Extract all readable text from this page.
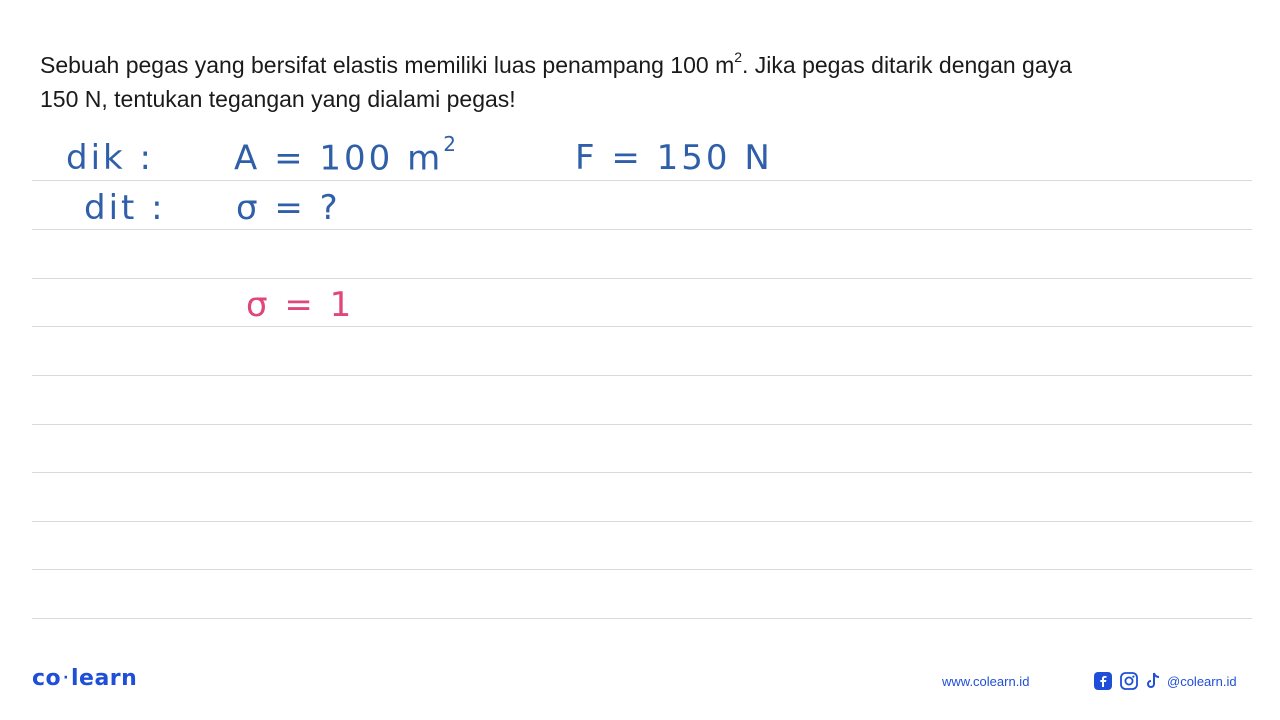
Sebuah pegas yang bersifat elastis memiliki luas penampang 100 $m^2$. Jika pegas ditarik dengan gaya
150 N, tentukan tegangan yang dialami pegas!
dik : A = 100 $m^2$	F = 150 N
dit : σ = ?
σ = 1
co ·learn	www.colearn.id	@colearn.id
